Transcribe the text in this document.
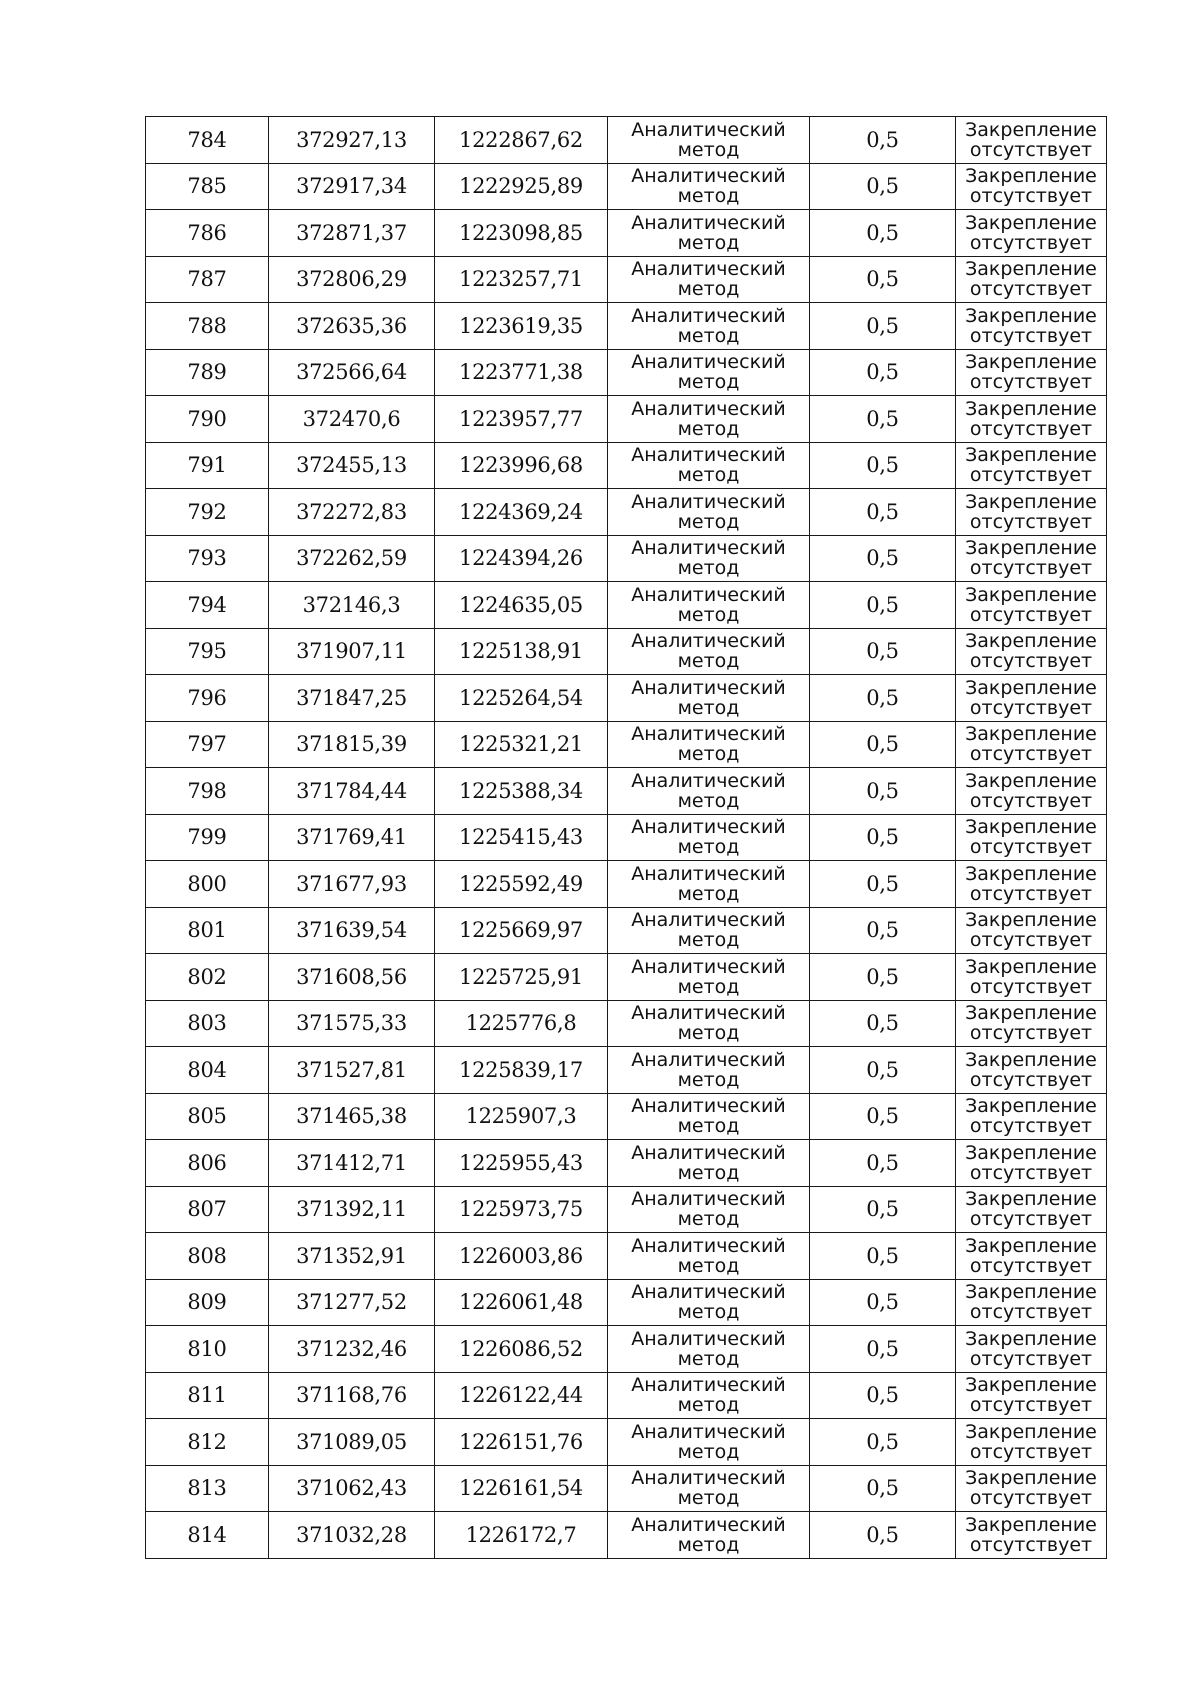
784	372927,13	1222867,62	Аналитический
метод	0,5	Закрепление
отсутствует

785	372917,34	1222925,89	Аналитический
метод	0,5	Закрепление
отсутствует

786	372871,37	1223098,85	Аналитический
метод	0,5	Закрепление
отсутствует

787	372806,29	1223257,71	Аналитический
метод	0,5	Закрепление
отсутствует

788	372635,36	1223619,35	Аналитический
метод	0,5	Закрепление
отсутствует

789	372566,64	1223771,38	Аналитический
метод	0,5	Закрепление
отсутствует

790	372470,6	1223957,77	Аналитический
метод	0,5	Закрепление
отсутствует

791	372455,13	1223996,68	Аналитический
метод	0,5	Закрепление
отсутствует

792	372272,83	1224369,24	Аналитический
метод	0,5	Закрепление
отсутствует

793	372262,59	1224394,26	Аналитический
метод	0,5	Закрепление
отсутствует

794	372146,3	1224635,05	Аналитический
метод	0,5	Закрепление
отсутствует

795	371907,11	1225138,91	Аналитический
метод	0,5	Закрепление
отсутствует

796	371847,25	1225264,54	Аналитический
метод	0,5	Закрепление
отсутствует

797	371815,39	1225321,21	Аналитический
метод	0,5	Закрепление
отсутствует

798	371784,44	1225388,34	Аналитический
метод	0,5	Закрепление
отсутствует

799	371769,41	1225415,43	Аналитический
метод	0,5	Закрепление
отсутствует

800	371677,93	1225592,49	Аналитический
метод	0,5	Закрепление
отсутствует

801	371639,54	1225669,97	Аналитический
метод	0,5	Закрепление
отсутствует

802	371608,56	1225725,91	Аналитический
метод	0,5	Закрепление
отсутствует

803	371575,33	1225776,8	Аналитический
метод	0,5	Закрепление
отсутствует

804	371527,81	1225839,17	Аналитический
метод	0,5	Закрепление
отсутствует

805	371465,38	1225907,3	Аналитический
метод	0,5	Закрепление
отсутствует

806	371412,71	1225955,43	Аналитический
метод	0,5	Закрепление
отсутствует

807	371392,11	1225973,75	Аналитический
метод	0,5	Закрепление
отсутствует

808	371352,91	1226003,86	Аналитический
метод	0,5	Закрепление
отсутствует

809	371277,52	1226061,48	Аналитический
метод	0,5	Закрепление
отсутствует

810	371232,46	1226086,52	Аналитический
метод	0,5	Закрепление
отсутствует

811	371168,76	1226122,44	Аналитический
метод	0,5	Закрепление
отсутствует

812	371089,05	1226151,76	Аналитический
метод	0,5	Закрепление
отсутствует

813	371062,43	1226161,54	Аналитический
метод	0,5	Закрепление
отсутствует

814	371032,28	1226172,7	Аналитический
метод	0,5	Закрепление
отсутствует
